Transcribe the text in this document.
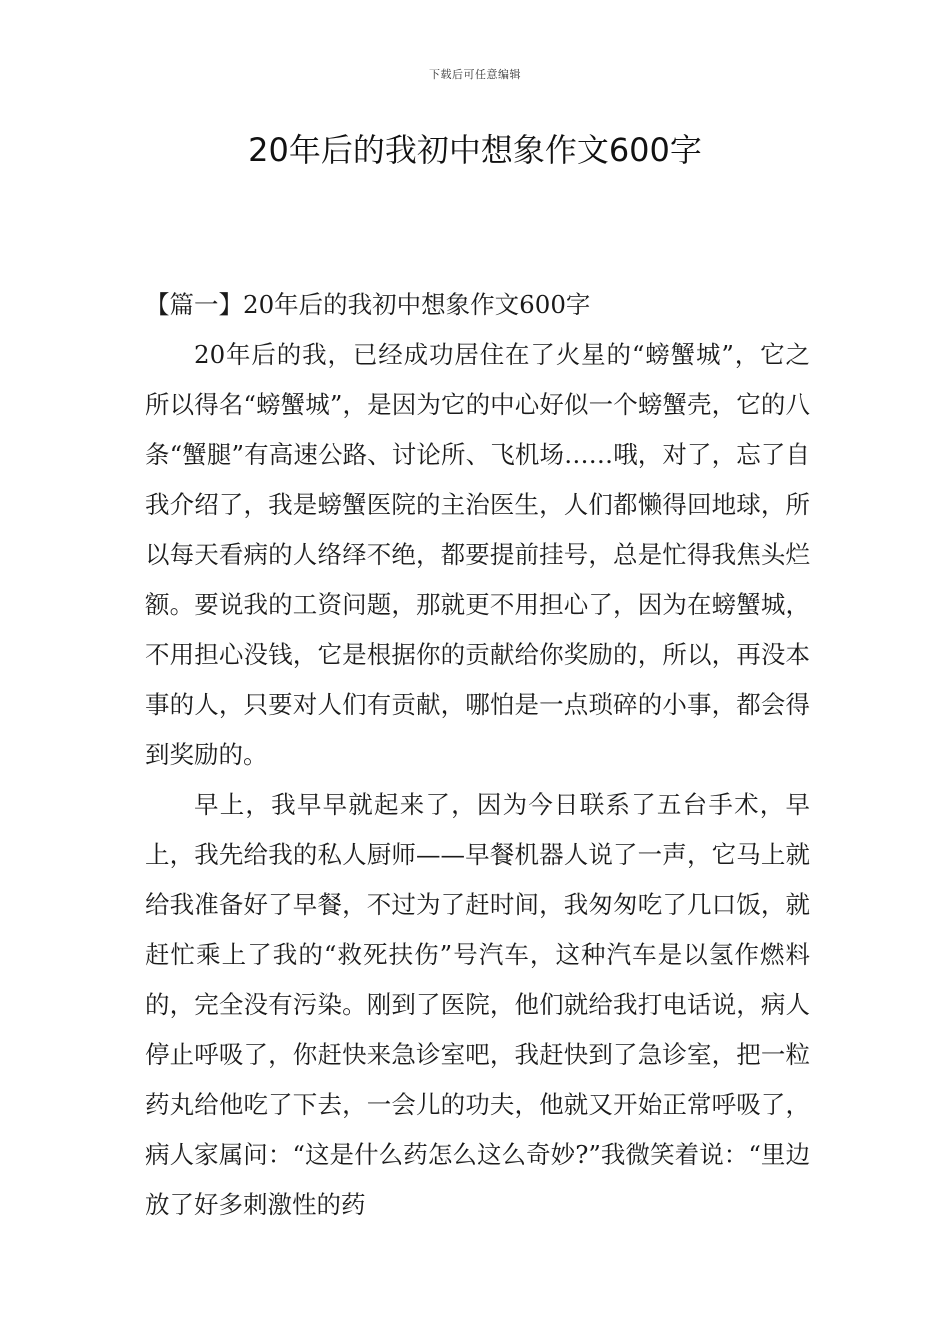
下载后可任意编辑
20年后的我初中想象作文600字

【篇一】20年后的我初中想象作文600字

20年后的我，已经成功居住在了火星的“螃蟹城”，它之所以得名“螃蟹城”，是因为它的中心好似一个螃蟹壳，它的八条“蟹腿”有高速公路、讨论所、飞机场……哦，对了，忘了自我介绍了，我是螃蟹医院的主治医生，人们都懒得回地球，所以每天看病的人络绎不绝，都要提前挂号，总是忙得我焦头烂额。要说我的工资问题，那就更不用担心了，因为在螃蟹城，不用担心没钱，它是根据你的贡献给你奖励的，所以，再没本事的人，只要对人们有贡献，哪怕是一点琐碎的小事，都会得到奖励的。

早上，我早早就起来了，因为今日联系了五台手术，早上，我先给我的私人厨师——早餐机器人说了一声，它马上就给我准备好了早餐，不过为了赶时间，我匆匆吃了几口饭，就赶忙乘上了我的“救死扶伤”号汽车，这种汽车是以氢作燃料的，完全没有污染。刚到了医院，他们就给我打电话说，病人停止呼吸了，你赶快来急诊室吧，我赶快到了急诊室，把一粒药丸给他吃了下去，一会儿的功夫，他就又开始正常呼吸了，病人家属问：“这是什么药怎么这么奇妙?”我微笑着说：“里边放了好多刺激性的药
